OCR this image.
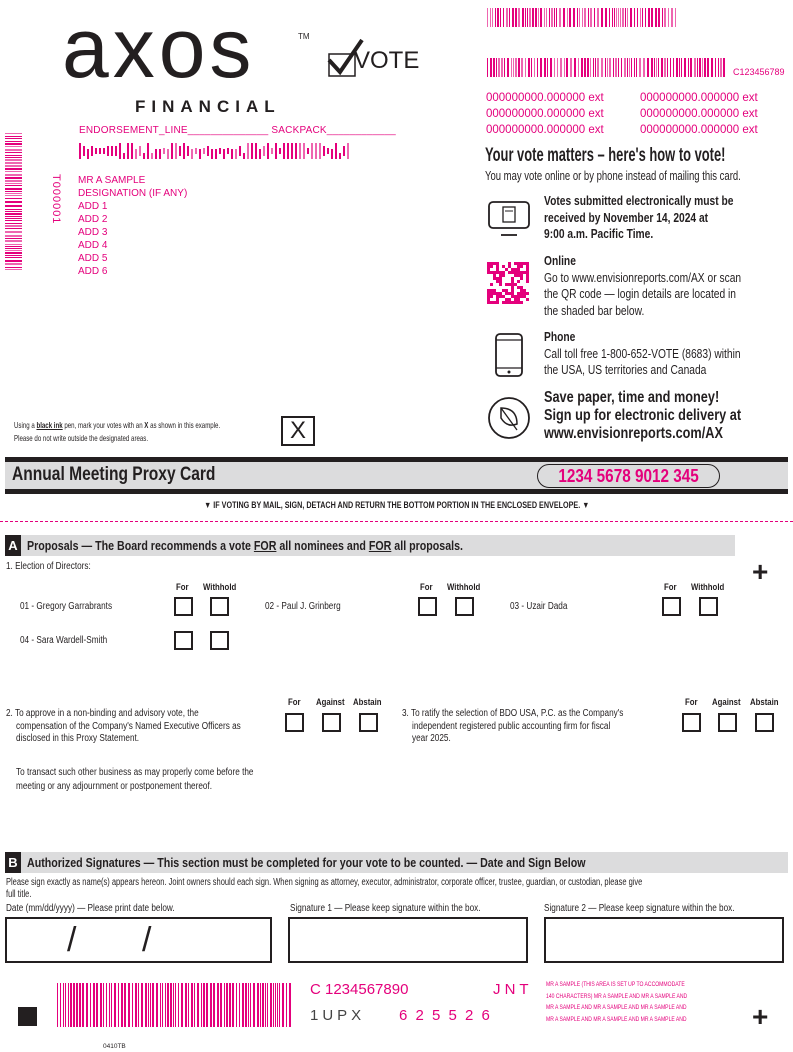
axos	TM
FINANCIAL
VOTE
ENDORSEMENT_LINE______________ SACKPACK____________
T000001 MR A SAMPLE
DESIGNATION (IF ANY)
ADD 1
ADD 2
ADD 3
ADD 4
ADD 5
ADD 6
C123456789
000000000.000000 ext
000000000.000000 ext
000000000.000000 ext
000000000.000000 ext
000000000.000000 ext
000000000.000000 ext
Your vote matters – here's how to vote!
You may vote online or by phone instead of mailing this card.
Votes submitted electronically must be
received by November 14, 2024 at
9:00 a.m. Pacific Time.
Online
Go to www.envisionreports.com/AX or scan
the QR code — login details are located in
the shaded bar below.
Phone
Call toll free 1-800-652-VOTE (8683) within
the USA, US territories and Canada
Save paper, time and money!
Sign up for electronic delivery at
www.envisionreports.com/AX
Using a black ink pen, mark your votes with an X as shown in this example.
Please do not write outside the designated areas.	X
Annual Meeting Proxy Card	1234 5678 9012 345
▼ IF VOTING BY MAIL, SIGN, DETACH AND RETURN THE BOTTOM PORTION IN THE ENCLOSED ENVELOPE. ▼
A Proposals — The Board recommends a vote FOR all nominees and FOR all proposals.
1. Election of Directors:	+
For Withhold	For Withhold	For Withhold
01 - Gregory Garrabrants	02 - Paul J. Grinberg	03 - Uzair Dada
04 - Sara Wardell-Smith
2. To approve in a non-binding and advisory vote, the
compensation of the Company's Named Executive Officers as
disclosed in this Proxy Statement.
For Against Abstain
3. To ratify the selection of BDO USA, P.C. as the Company's
independent registered public accounting firm for fiscal
year 2025.
For Against Abstain
To transact such other business as may properly come before the
meeting or any adjournment or postponement thereof.
B Authorized Signatures — This section must be completed for your vote to be counted. — Date and Sign Below
Please sign exactly as name(s) appears hereon. Joint owners should each sign. When signing as attorney, executor, administrator, corporate officer, trustee, guardian, or custodian, please give
full title.
Date (mm/dd/yyyy) — Please print date below.	Signature 1 — Please keep signature within the box.	Signature 2 — Please keep signature within the box.
/ /
C 1234567890	J N T
1UPX 6 2 5 5 2 6
MR A SAMPLE (THIS AREA IS SET UP TO ACCOMMODATE
140 CHARACTERS) MR A SAMPLE AND MR A SAMPLE AND
MR A SAMPLE AND MR A SAMPLE AND MR A SAMPLE AND
MR A SAMPLE AND MR A SAMPLE AND MR A SAMPLE AND	+
0410TB
